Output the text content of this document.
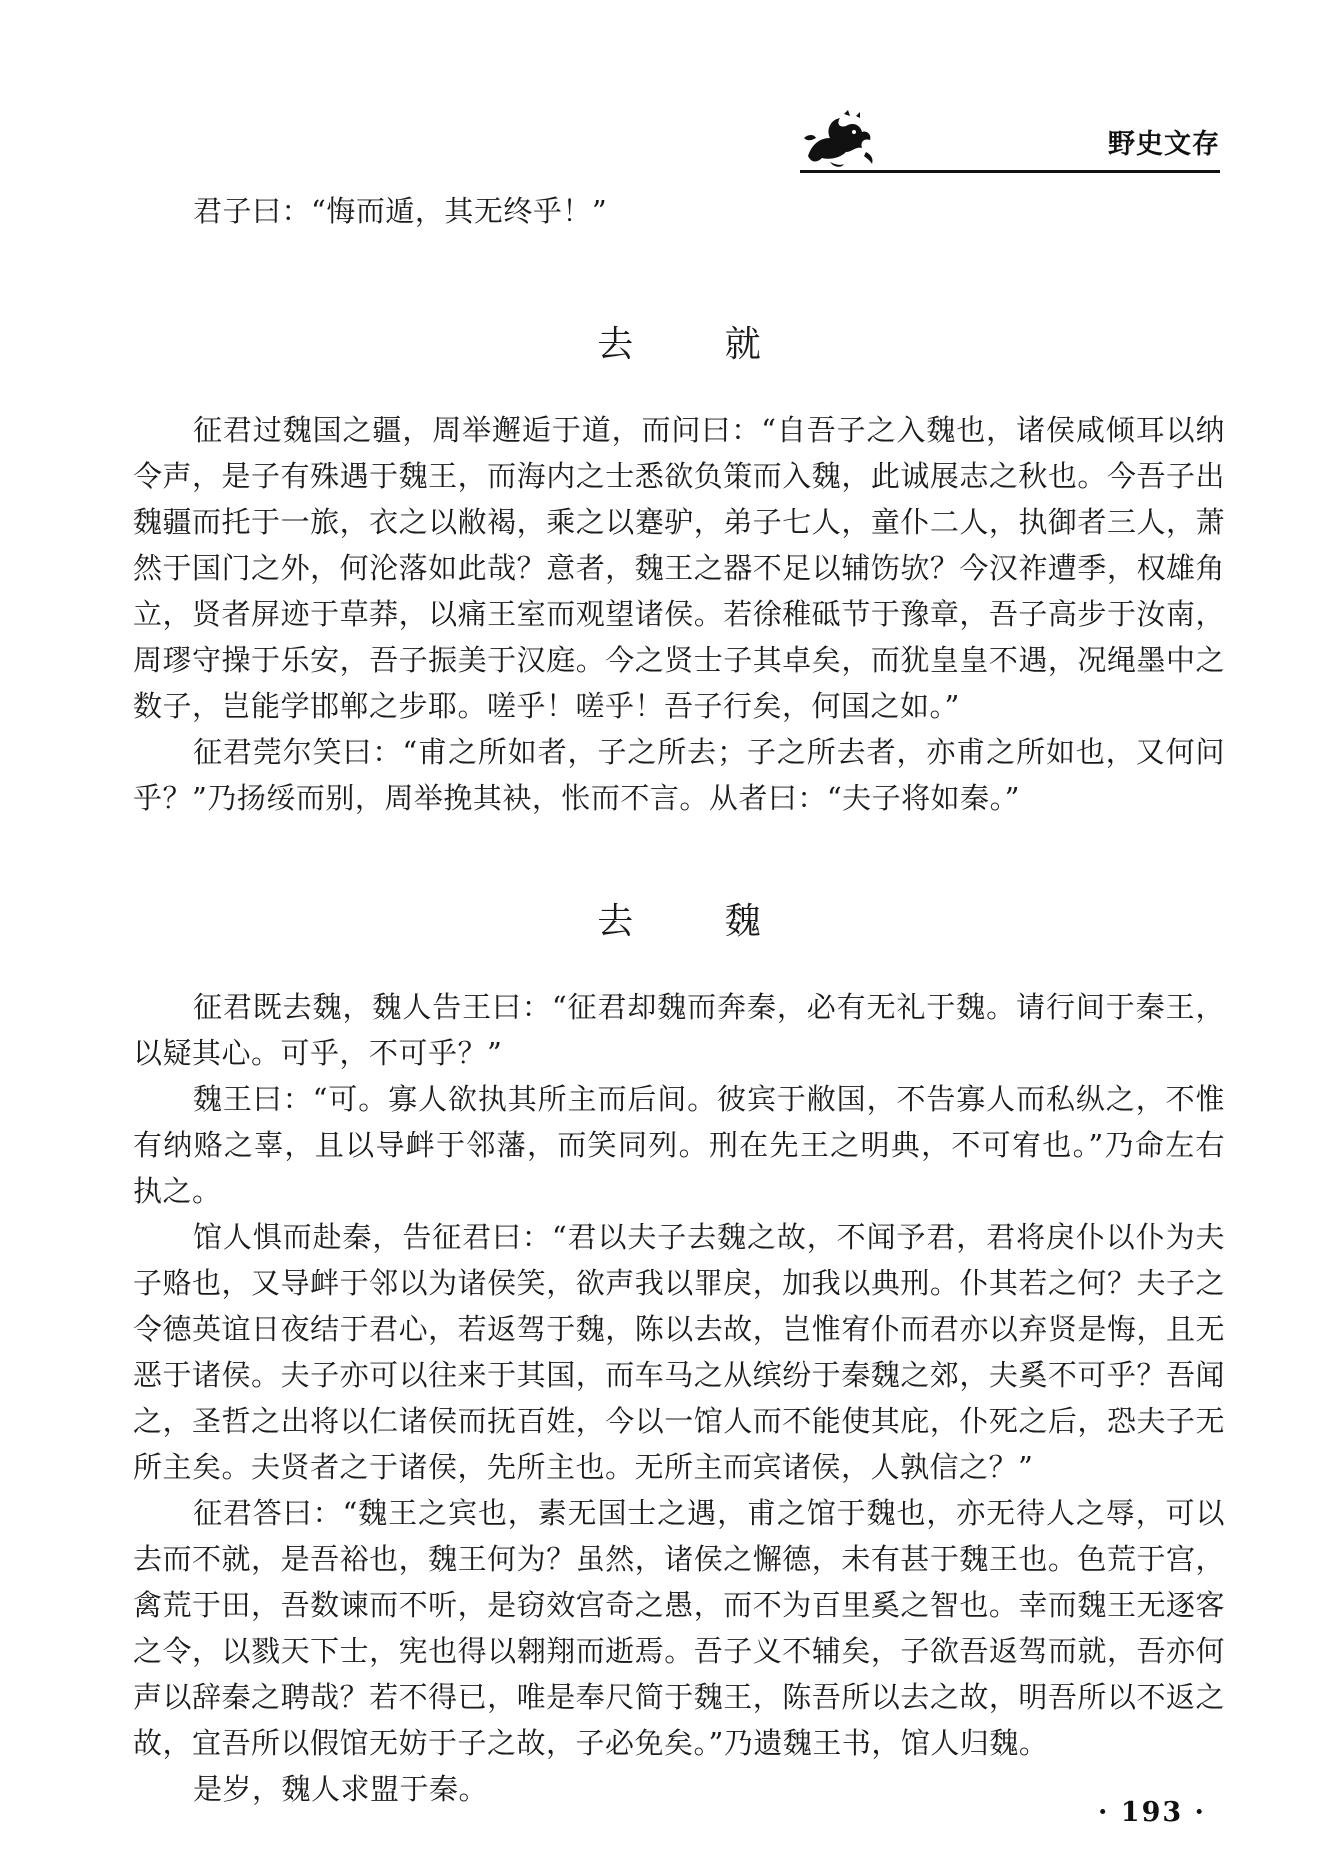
野史文存

君子曰：“悔而遁，其无终乎！”

去 就

征君过魏国之疆，周举邂逅于道，而问曰：“自吾子之入魏也，诸侯咸倾耳以纳令声，是子有殊遇于魏王，而海内之士悉欲负策而入魏，此诚展志之秋也。今吾子出魏疆而托于一旅，衣之以敝褐，乘之以蹇驴，弟子七人，童仆二人，执御者三人，萧然于国门之外，何沦落如此哉？意者，魏王之器不足以辅饬欤？今汉祚遭季，权雄角立，贤者屏迹于草莽，以痛王室而观望诸侯。若徐稚砥节于豫章，吾子高步于汝南，周璆守操于乐安，吾子振美于汉庭。今之贤士子其卓矣，而犹皇皇不遇，况绳墨中之数子，岂能学邯郸之步耶。嗟乎！嗟乎！吾子行矣，何国之如。”

征君莞尔笑曰：“甫之所如者，子之所去；子之所去者，亦甫之所如也，又何问乎？”乃扬绥而别，周举挽其袂，怅而不言。从者曰：“夫子将如秦。”

去 魏

征君既去魏，魏人告王曰：“征君却魏而奔秦，必有无礼于魏。请行间于秦王，以疑其心。可乎，不可乎？”

魏王曰：“可。寡人欲执其所主而后间。彼宾于敝国，不告寡人而私纵之，不惟有纳赂之辜，且以导衅于邻藩，而笑同列。刑在先王之明典，不可宥也。”乃命左右执之。

馆人惧而赴秦，告征君曰：“君以夫子去魏之故，不闻予君，君将戾仆以仆为夫子赂也，又导衅于邻以为诸侯笑，欲声我以罪戾，加我以典刑。仆其若之何？夫子之令德英谊日夜结于君心，若返驾于魏，陈以去故，岂惟宥仆而君亦以弃贤是悔，且无恶于诸侯。夫子亦可以往来于其国，而车马之从缤纷于秦魏之郊，夫奚不可乎？吾闻之，圣哲之出将以仁诸侯而抚百姓，今以一馆人而不能使其庇，仆死之后，恐夫子无所主矣。夫贤者之于诸侯，先所主也。无所主而宾诸侯，人孰信之？”

征君答曰：“魏王之宾也，素无国士之遇，甫之馆于魏也，亦无待人之辱，可以去而不就，是吾裕也，魏王何为？虽然，诸侯之懈德，未有甚于魏王也。色荒于宫，禽荒于田，吾数谏而不听，是窃效宫奇之愚，而不为百里奚之智也。幸而魏王无逐客之令，以戮天下士，宪也得以翱翔而逝焉。吾子义不辅矣，子欲吾返驾而就，吾亦何声以辞秦之聘哉？若不得已，唯是奉尺简于魏王，陈吾所以去之故，明吾所以不返之故，宜吾所以假馆无妨于子之故，子必免矣。”乃遗魏王书，馆人归魏。

是岁，魏人求盟于秦。

· 193 ·
